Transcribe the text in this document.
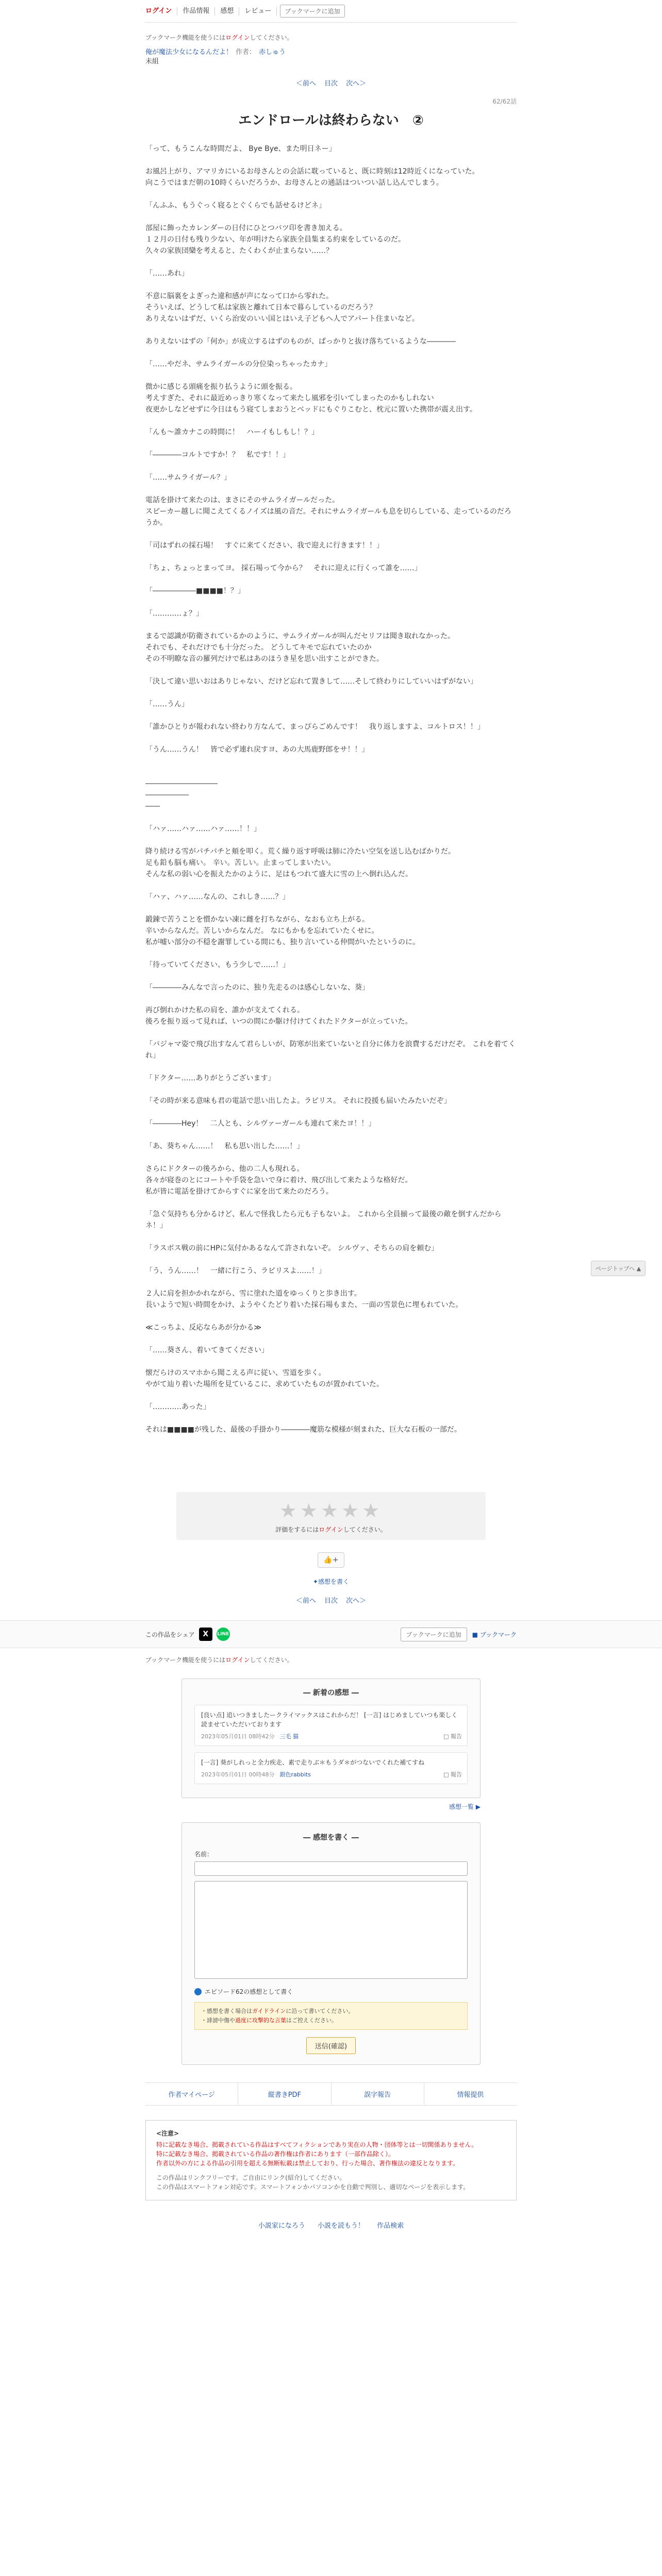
ログイン	作品情報	感想	レビュー	ブックマークに追加
ブックマーク機能を使うにはログインしてください。
俺が魔法少女になるんだよ！ 作者： 赤しゅう
未組
＜前へ 目次 次へ＞
62/62話
エンドロールは終わらない　②

「って、もうこんな時間だよ、 Bye Bye、また明日ネー」

お風呂上がり、アマリカにいるお母さんとの会話に耽っていると、既に時刻は12時近くになっていた。

向こうではまだ朝の10時くらいだろうか、お母さんとの通話はついつい話し込んでしまう。

「んふふ、もうぐっく寝るとぐくらでも話せるけどネ」

部屋に飾ったカレンダーの日付にひとつバツ印を書き加える。

１２月の日付も残り少ない、年が明けたら家族全員集まる約束をしているのだ。

久々の家族団欒を考えると、たくわくが止まらない……？

「……あれ」

不意に脳裏をよぎった違和感が声になって口から零れた。

そういえば、どうして私は家族と離れて日本で暮らしているのだろう？

ありえないはずだ、いくら治安のいい国とはいえ子どもへ人でアパート住まいなど。

ありえないはずの「何か」が成立するはずのものが、ぱっかりと抜け落ちているような――――

「……やだネ、サムライガールの分位染っちゃったカナ」

微かに感じる頭痛を振り払うように頭を振る。

考えすぎた、それに最近めっきり寒くなって来たし風邪を引いてしまったのかもしれない

夜更かしなどせずに今日はもう寝てしまおうとベッドにもぐりこむと、枕元に置いた携帯が震え出す。

「んも～誰カナこの時間に！　ハーイもしもし！？」

「――――コルトですか！？　私です！！」

「……サムライガール？」

電話を掛けて来たのは、まさにそのサムライガールだった。

スピーカー越しに聞こえてくるノイズは風の音だ。それにサムライガールも息を切らしている、走っているのだろうか。

「司はずれの採石場！　すぐに来てください、我で迎えに行きます！！」

「ちょ、ちょっとまってヨ。 採石場って今から？　それに迎えに行くって誰を……」

「――――――■■■■！？」

「…………ょ？」

まるで認識が防衛されているかのように、サムライガールが叫んだセリフは聞き取れなかった。

それでも、それだけでも十分だった。 どうしてキモで忘れていたのか

その不明瞭な音の羅列だけで私はあのほうき星を思い出すことができた。

「決して違い思いおはありじゃない、だけど忘れて置きして……そして終わりにしていいはずがない」

「……うん」

「誰かひとりが報われない終わり方なんて、まっぴらごめんです！　我り返しますよ、コルトロス！！」

「うん……うん！　皆で必ず連れ戻すヨ、あの大馬鹿野郎をサ！！」

――――――――――

――――――

――

「ハァ……ハァ……ハァ……！！」

降り続ける雪がパチパチと頬を叩く。荒く繰り返す呼吸は肺に冷たい空気を送し込むばかりだ。

足も鉛も脳も痛い。 辛い。苦しい。止まってしまいたい。

そんな私の弱い心を振えたかのように、足はもつれて盛大に雪の上へ倒れ込んだ。

「ハァ、ハァ……なんの、これしき……？」

鍛錬で苦うことを慣かない凍に雌を打ちながら、なおも立ち上がる。

辛いからなんだ。苦しいからなんだ。 なにもかもを忘れていたくせに。

私が嘘い部分の不穏を謝罪している間にも、独り言いている仲間がいたというのに。

「待っていてください、もう少しで……！」

「――――みんなで言ったのに、独り先走るのは感心しないな、葵」

再び倒れかけた私の肩を、誰かが支えてくれる。

後ろを振り返って見れば、いつの間にか駆け付けてくれたドクターが立っていた。

「バジャマ姿で飛び出すなんて君らしいが、防寒が出来ていないと自分に体力を浪費するだけだぞ。 これを着てくれ」

「ドクター……ありがとうございます」

「その時が来る意味も君の電話で思い出したよ。ラピリス。 それに投援も届いたみたいだぞ」

「――――Hey！　二人とも、シルヴァーガールも連れて来たヨ！！」

「あ、葵ちゃん……！　私も思い出した……！」

さらにドクターの後ろから、他の二人も現れる。

各々が寝巻のとにコートや手袋を急いで身に着け、飛び出して来たような格好だ。

私が皆に電話を掛けてからすぐに家を出て来たのだろう。

「急ぐ気持ちも分かるけど、私んで怪我したら元も子もないよ。 これから全員揃って最後の敵を倒すんだからネ！」

「ラスボス戦の前にHPに気付かあるなんて許されないぞ。 シルヴァ、そちらの肩を頼む」

「う、うん……！　一緒に行こう、ラピリスよ……！」

２人に肩を担かかれながら、雪に塗れた道をゆっくりと歩き出す。

長いようで短い時間をかけ、ようやくたどり着いた採石場もまた、一面の雪景色に埋もれていた。

≪こっちよ、反応ならあが分かる≫

「……葵さん、着いてきてください」

懐だらけのスマホから聞こえる声に従い、雪道を歩く。

やがて辿り着いた場所を見ているこに、求めていたものが置かれていた。

「…………あった」

それは■■■■が残した、最後の手掛かり――――魔筋な模様が刻まれた、巨大な石板の一部だ。

★★★★★
評価をするにはログインしてください。
👍+
✦感想を書く
＜前へ 目次 次へ＞
この作品をシェア	X	LINE	ブックマークに追加	■ ブックマーク
ブックマーク機能を使うにはログインしてください。
― 新着の感想 ―
[良い点] 追いつきましたークライマックスはこれからだ！ [一言] はじめましていつも楽しく読ませていただいております
2023年05月01日 08時42分 三毛 猫	□ 報告
[一言] 葵がしれっと全力疾走、素で走りぶ＊もうダ＊がつないでくれた補てすね
2023年05月01日 00時48分 銀色rabbits	□ 報告
感想一覧 ▶
― 感想を書く ―
名前：

エピソード62の感想として書く
・感想を書く場合はガイドラインに沿って書いてください。
・誹謗中傷や過度に攻撃的な言葉はご控えください。
送信(確認)
作者マイページ	縦書きPDF	誤字報告	情報提供
<注意>
特に記載なき場合、掲載されている作品はすべてフィクションであり実在の人物・団体等とは一切関係ありません。
特に記載なき場合、掲載されている作品の著作権は作者にあります（一部作品除く）。
作者以外の方による作品の引用を超える無断転載は禁止しており、行った場合、著作権法の違反となります。
この作品はリンクフリーです。ご自由にリンク(紹介)してください。
この作品はスマートフォン対応です。スマートフォンかパソコンかを自動で判別し、適切なページを表示します。
小説家になろう 小説を読もう！ 作品検索
ページトップへ ▲
